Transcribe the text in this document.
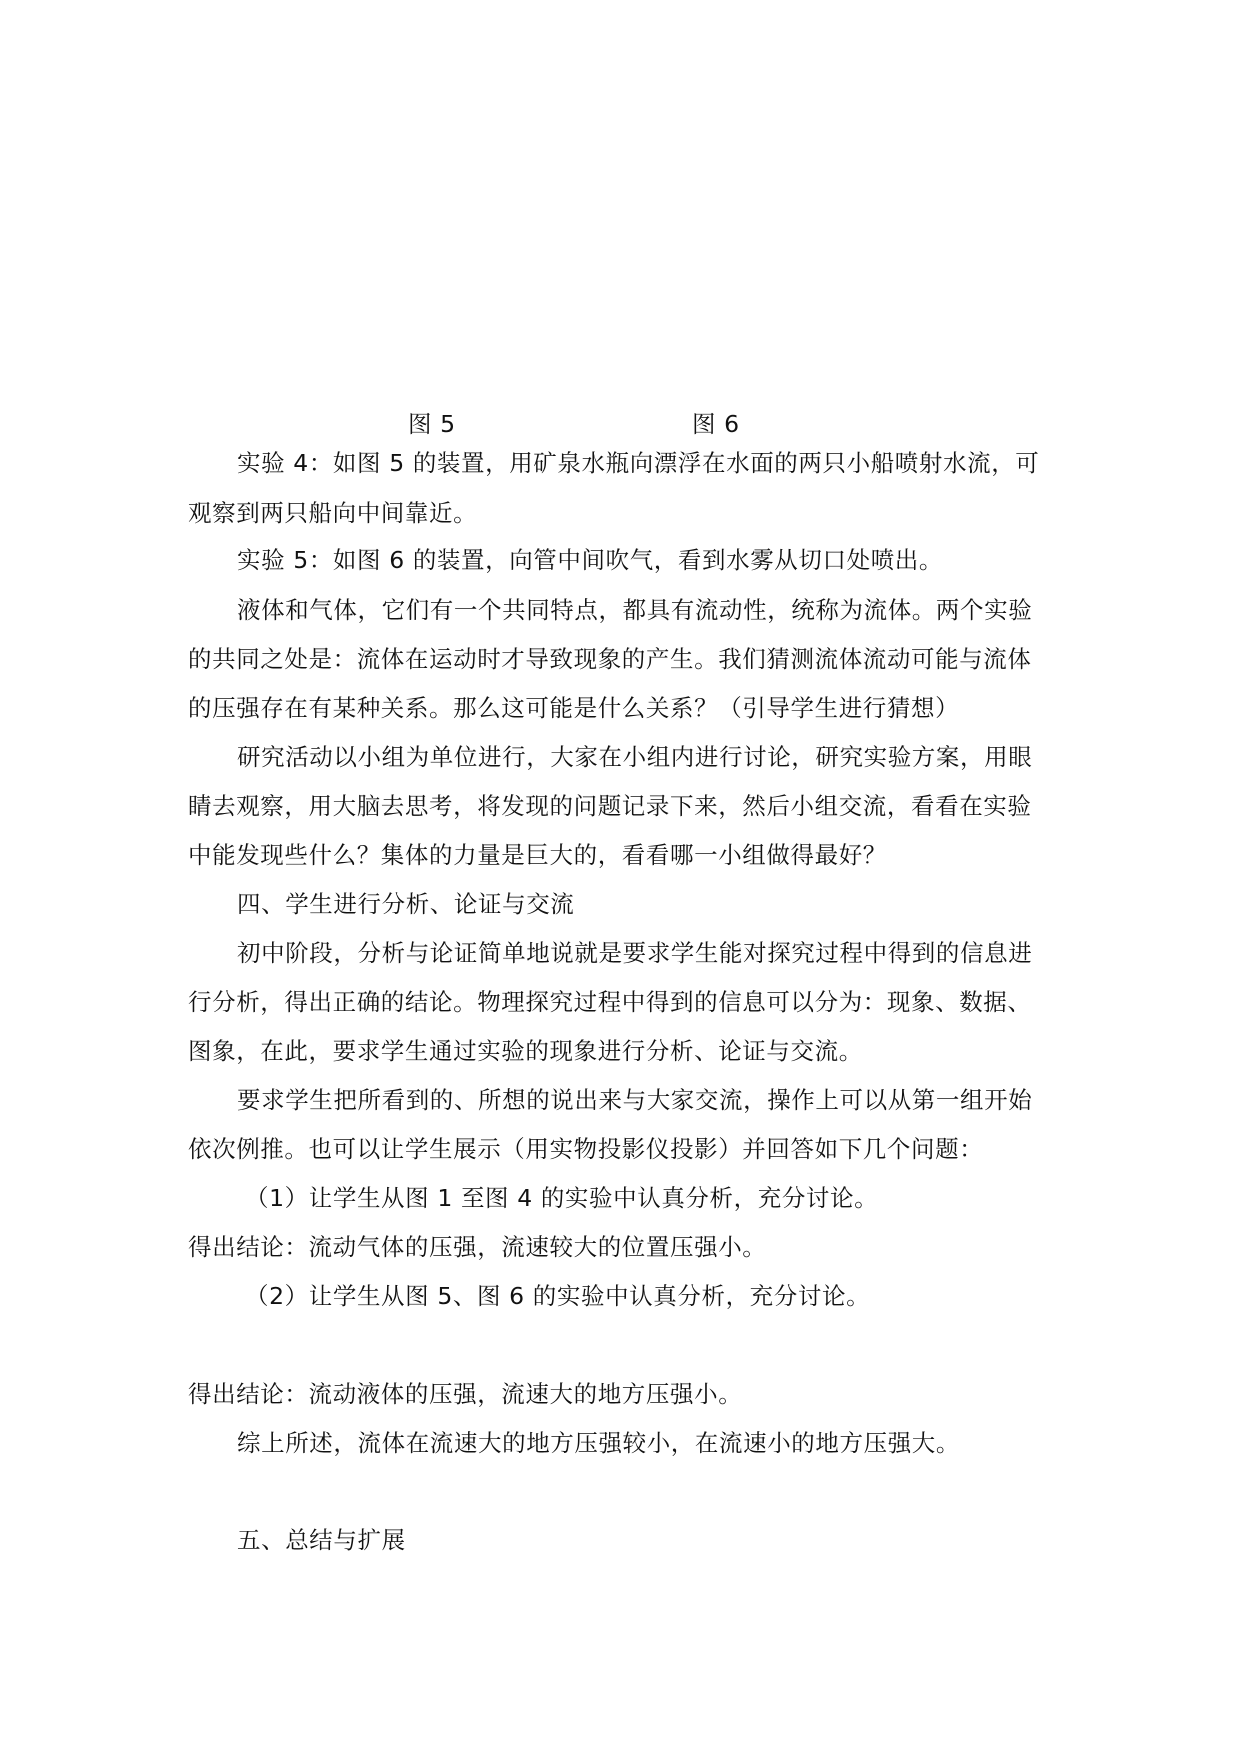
图 5	图 6

实验 4：如图 5 的装置，用矿泉水瓶向漂浮在水面的两只小船喷射水流，可

观察到两只船向中间靠近。

实验 5：如图 6 的装置，向管中间吹气，看到水雾从切口处喷出。

液体和气体，它们有一个共同特点，都具有流动性，统称为流体。两个实验

的共同之处是：流体在运动时才导致现象的产生。我们猜测流体流动可能与流体

的压强存在有某种关系。那么这可能是什么关系？（引导学生进行猜想）

研究活动以小组为单位进行，大家在小组内进行讨论，研究实验方案，用眼

睛去观察，用大脑去思考，将发现的问题记录下来，然后小组交流，看看在实验

中能发现些什么？集体的力量是巨大的，看看哪一小组做得最好？

四、学生进行分析、论证与交流

初中阶段，分析与论证简单地说就是要求学生能对探究过程中得到的信息进

行分析，得出正确的结论。物理探究过程中得到的信息可以分为：现象、数据、

图象，在此，要求学生通过实验的现象进行分析、论证与交流。

要求学生把所看到的、所想的说出来与大家交流，操作上可以从第一组开始

依次例推。也可以让学生展示（用实物投影仪投影）并回答如下几个问题：

（1）让学生从图 1 至图 4 的实验中认真分析，充分讨论。

得出结论：流动气体的压强，流速较大的位置压强小。

（2）让学生从图 5、图 6 的实验中认真分析，充分讨论。

得出结论：流动液体的压强，流速大的地方压强小。

综上所述，流体在流速大的地方压强较小，在流速小的地方压强大。

五、总结与扩展
